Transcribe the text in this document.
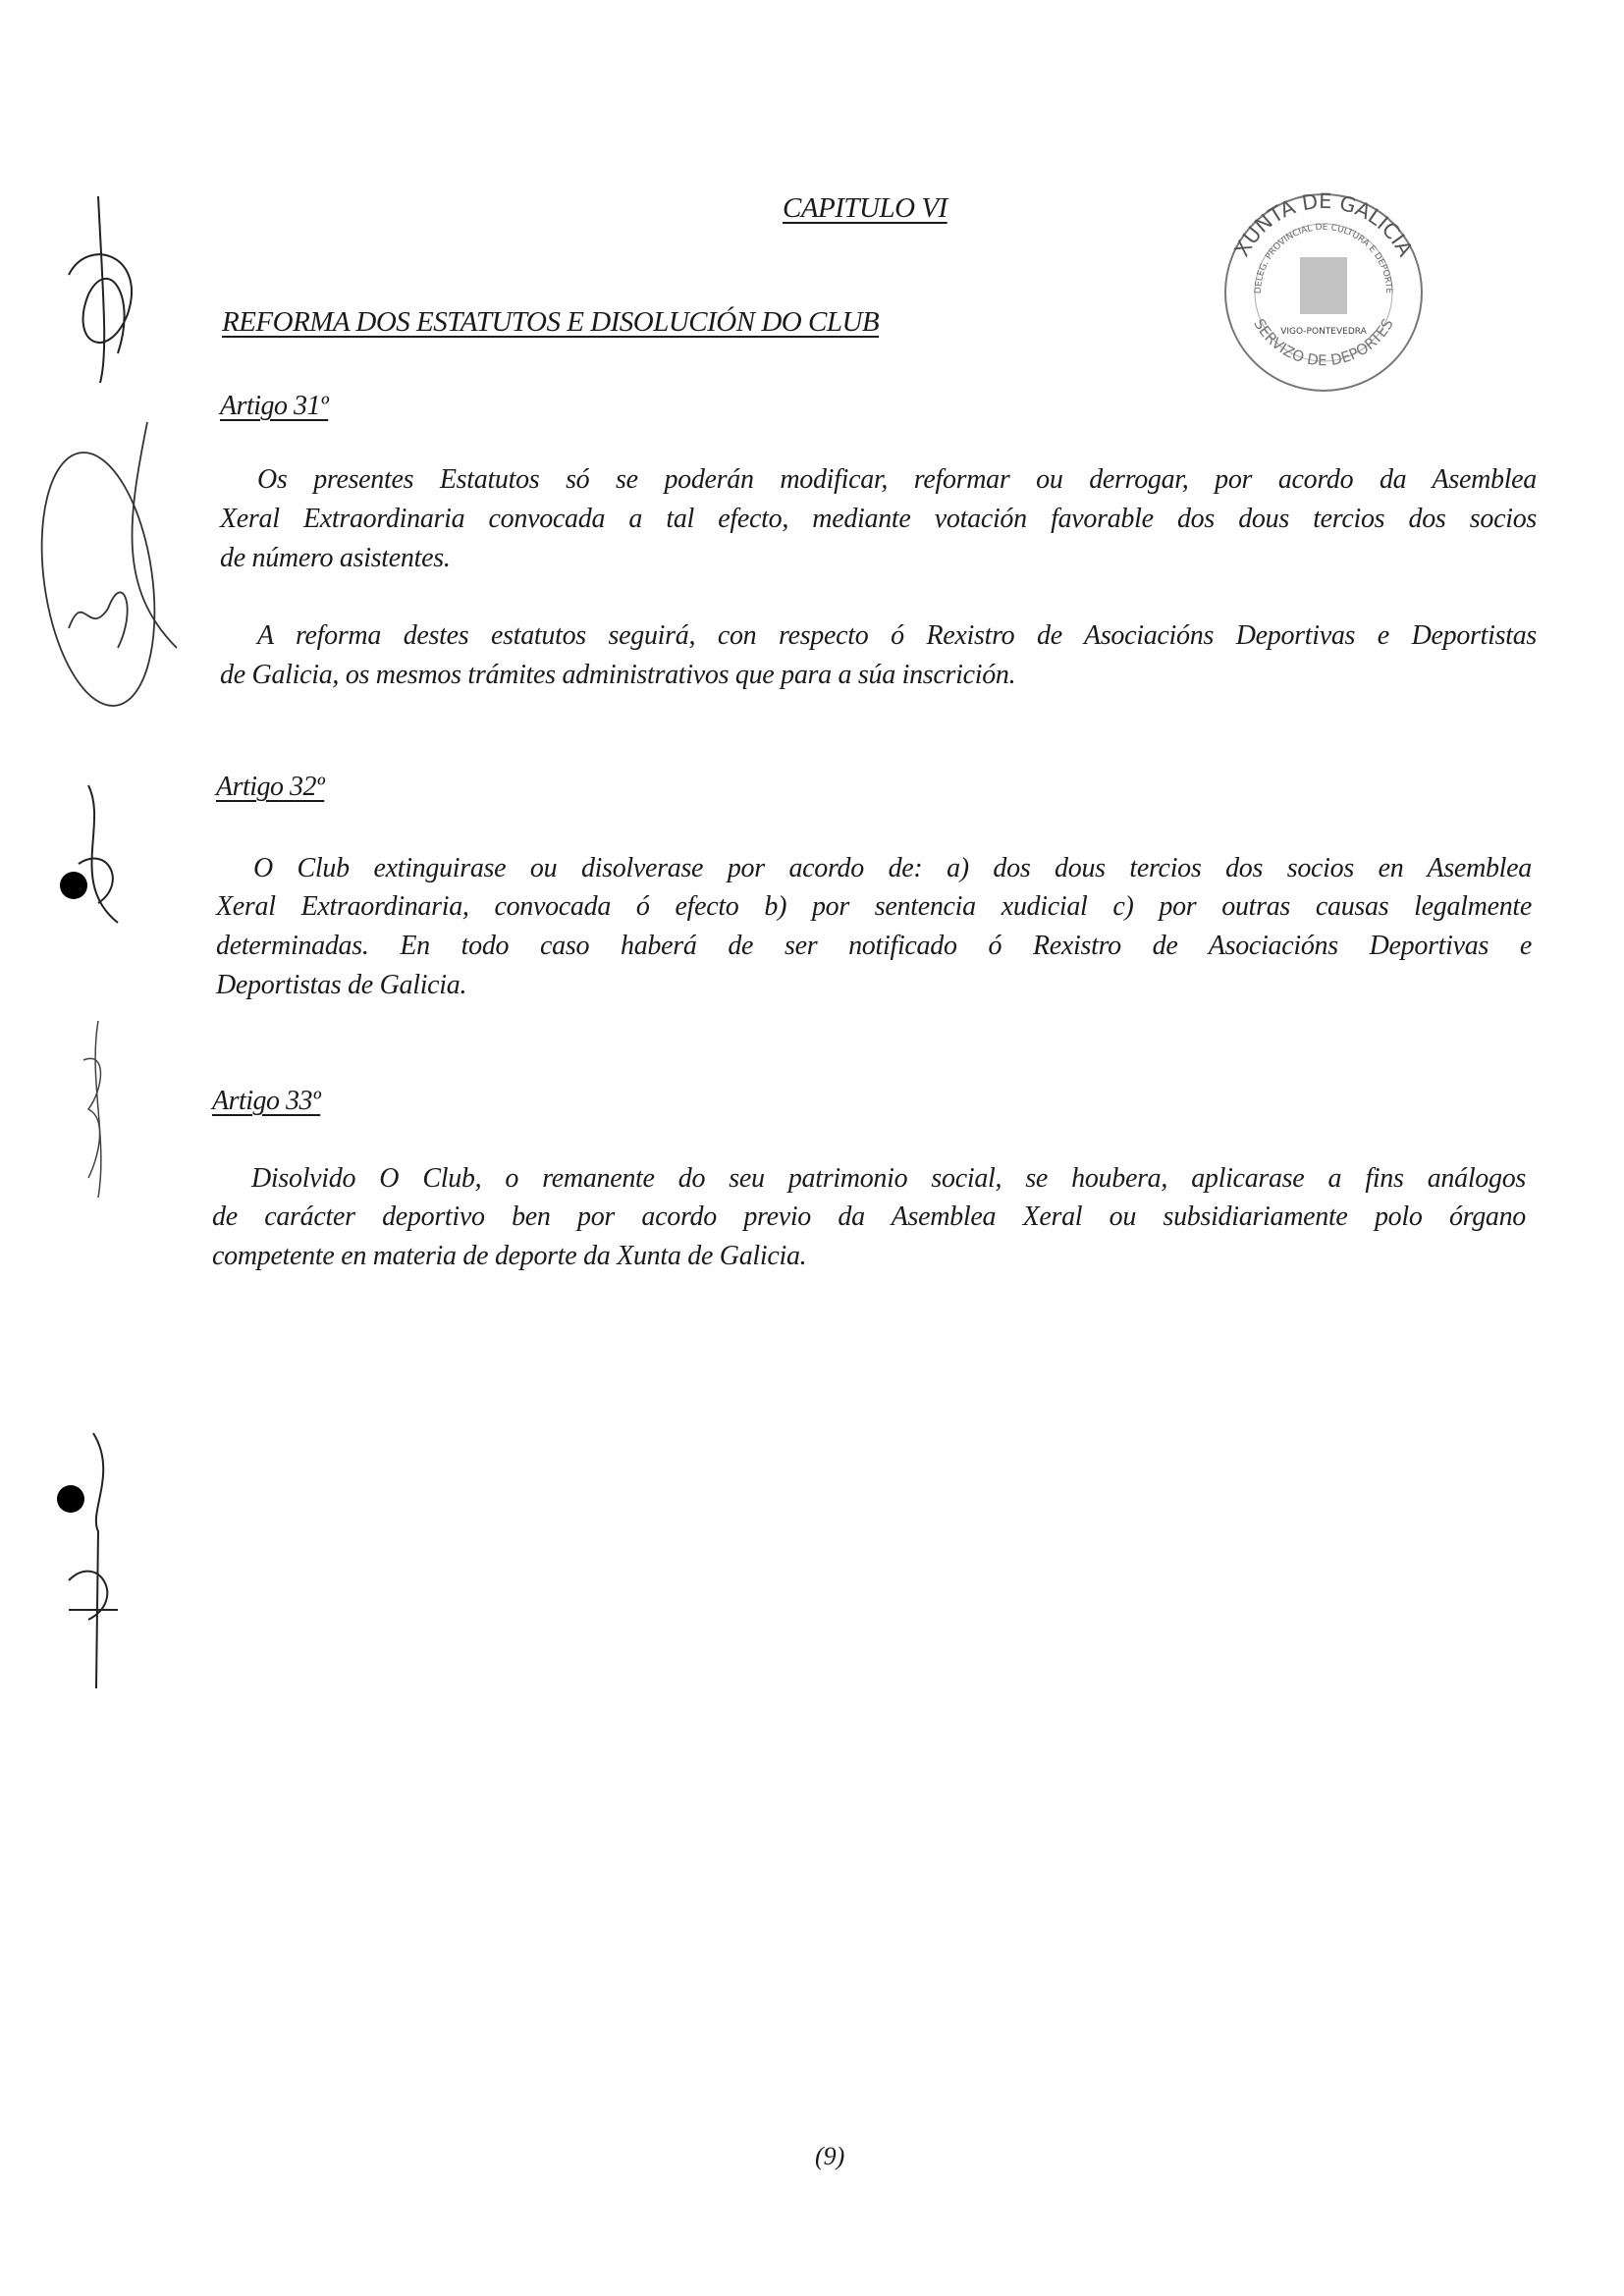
CAPITULO VI
REFORMA DOS ESTATUTOS E DISOLUCIÓN DO CLUB
Artigo 31º
Os presentes Estatutos só se poderán modificar, reformar ou derrogar, por acordo da Asemblea
Xeral Extraordinaria convocada a tal efecto, mediante votación favorable dos dous tercios dos socios
de número asistentes.
A reforma destes estatutos seguirá, con respecto ó Rexistro de Asociacións Deportivas e Deportistas
de Galicia, os mesmos trámites administrativos que para a súa inscrición.
Artigo 32º
O Club extinguirase ou disolverase por acordo de: a) dos dous tercios dos socios en Asemblea
Xeral Extraordinaria, convocada ó efecto b) por sentencia xudicial c) por outras causas legalmente
determinadas. En todo caso haberá de ser notificado ó Rexistro de Asociacións Deportivas e
Deportistas de Galicia.
Artigo 33º
Disolvido O Club, o remanente do seu patrimonio social, se houbera, aplicarase a fins análogos
de carácter deportivo ben por acordo previo da Asemblea Xeral ou subsidiariamente polo órgano
competente en materia de deporte da Xunta de Galicia.
(9)
XUNTA DE GALICIA
DELEG. PROVINCIAL DE CULTURA E DEPORTE
SERVIZO DE DEPORTES
VIGO-PONTEVEDRA
